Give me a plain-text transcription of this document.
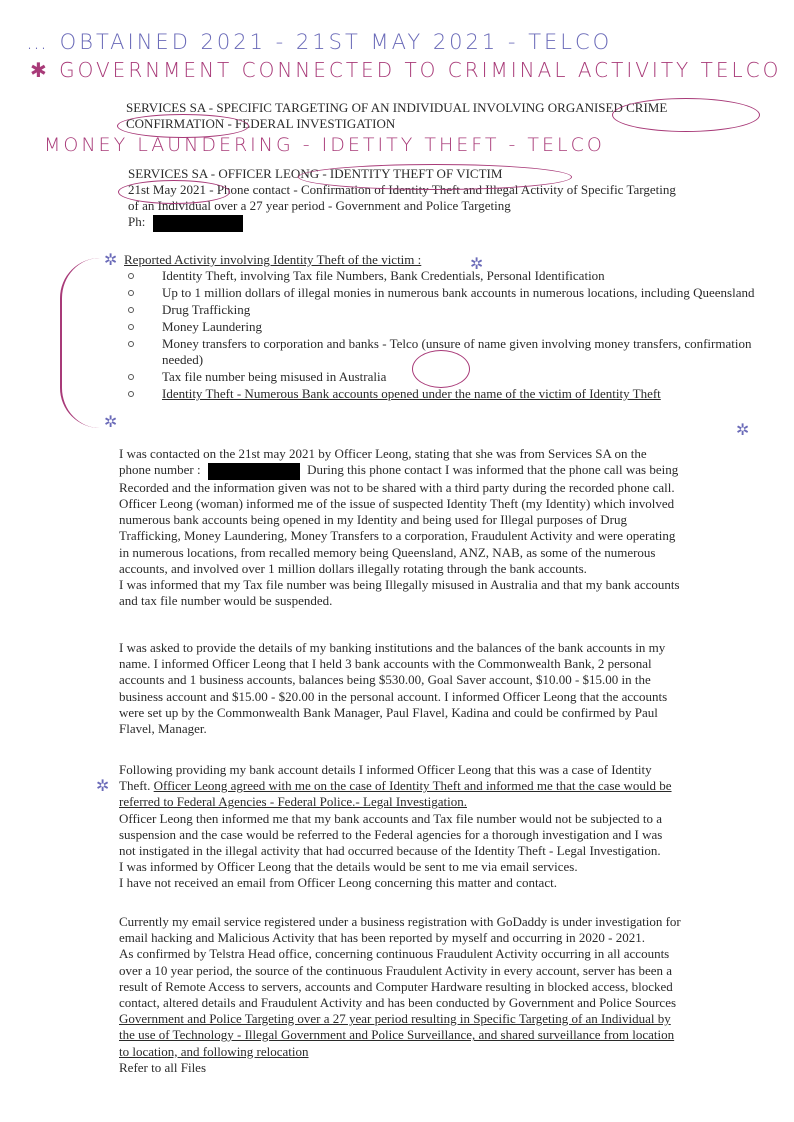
… OBTAINED 2021 - 21ST MAY 2021 - TELCO
✱ GOVERNMENT CONNECTED TO CRIMINAL ACTIVITY TELCO
MONEY LAUNDERING - IDETITY THEFT - TELCO
SERVICES SA - SPECIFIC TARGETING OF AN INDIVIDUAL INVOLVING ORGANISED CRIME
CONFIRMATION - FEDERAL INVESTIGATION
SERVICES SA - OFFICER LEONG - IDENTITY THEFT OF VICTIM
21st May 2021 - Phone contact - Confirmation of Identity Theft and Illegal Activity of Specific Targeting
of an Individual over a 27 year period - Government and Police Targeting
Ph:
✲ Reported Activity involving Identity Theft of the victim :	✲
Identity Theft, involving Tax file Numbers, Bank Credentials, Personal Identification
Up to 1 million dollars of illegal monies in numerous bank accounts in numerous locations, including Queensland
Drug Trafficking
Money Laundering
Money transfers to corporation and banks - Telco (unsure of name given involving money transfers, confirmation needed)
Tax file number being misused in Australia
Identity Theft - Numerous Bank accounts opened under the name of the victim of Identity Theft
✲	✲
I was contacted on the 21st may 2021 by Officer Leong, stating that she was from Services SA on the
phone number :	During this phone contact I was informed that the phone call was being
Recorded and the information given was not to be shared with a third party during the recorded phone call.
Officer Leong (woman) informed me of the issue of suspected Identity Theft (my Identity) which involved
numerous bank accounts being opened in my Identity and being used for Illegal purposes of Drug
Trafficking, Money Laundering, Money Transfers to a corporation, Fraudulent Activity and were operating
in numerous locations, from recalled memory being Queensland, ANZ, NAB, as some of the numerous
accounts, and involved over 1 million dollars illegally rotating through the bank accounts.
I was informed that my Tax file number was being Illegally misused in Australia and that my bank accounts
and tax file number would be suspended.
I was asked to provide the details of my banking institutions and the balances of the bank accounts in my
name. I informed Officer Leong that I held 3 bank accounts with the Commonwealth Bank, 2 personal
accounts and 1 business accounts, balances being $530.00, Goal Saver account, $10.00 - $15.00 in the
business account and $15.00 - $20.00 in the personal account. I informed Officer Leong that the accounts
were set up by the Commonwealth Bank Manager, Paul Flavel, Kadina and could be confirmed by Paul
Flavel, Manager.
✲
Following providing my bank account details I informed Officer Leong that this was a case of Identity
Theft. Officer Leong agreed with me on the case of Identity Theft and informed me that the case would be
referred to Federal Agencies - Federal Police.- Legal Investigation.
Officer Leong then informed me that my bank accounts and Tax file number would not be subjected to a
suspension and the case would be referred to the Federal agencies for a thorough investigation and I was
not instigated in the illegal activity that had occurred because of the Identity Theft - Legal Investigation.
I was informed by Officer Leong that the details would be sent to me via email services.
I have not received an email from Officer Leong concerning this matter and contact.
Currently my email service registered under a business registration with GoDaddy is under investigation for
email hacking and Malicious Activity that has been reported by myself and occurring in 2020 - 2021.
As confirmed by Telstra Head office, concerning continuous Fraudulent Activity occurring in all accounts
over a 10 year period, the source of the continuous Fraudulent Activity in every account, server has been a
result of Remote Access to servers, accounts and Computer Hardware resulting in blocked access, blocked
contact, altered details and Fraudulent Activity and has been conducted by Government and Police Sources
Government and Police Targeting over a 27 year period resulting in Specific Targeting of an Individual by
the use of Technology - Illegal Government and Police Surveillance, and shared surveillance from location
to location, and following relocation
Refer to all Files
